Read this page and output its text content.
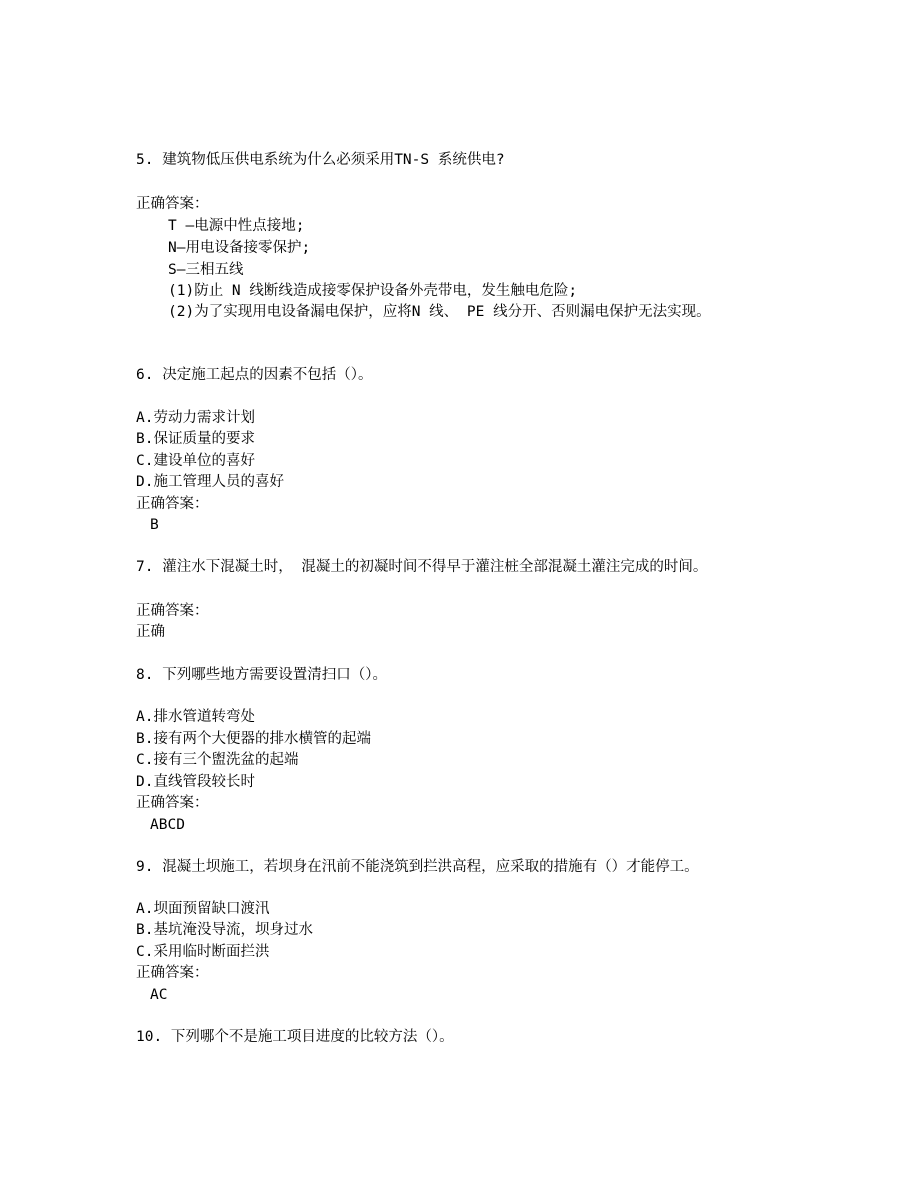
5. 建筑物低压供电系统为什么必须采用TN-S 系统供电?
正确答案：
T —电源中性点接地;
N—用电设备接零保护;
S—三相五线
(1)防止 N 线断线造成接零保护设备外壳带电，发生触电危险;
(2)为了实现用电设备漏电保护，应将N 线、 PE 线分开、否则漏电保护无法实现。
6. 决定施工起点的因素不包括（）。
A.劳动力需求计划
B.保证质量的要求
C.建设单位的喜好
D.施工管理人员的喜好
正确答案：
B
7. 灌注水下混凝土时， 混凝土的初凝时间不得早于灌注桩全部混凝土灌注完成的时间。
正确答案：
正确
8. 下列哪些地方需要设置清扫口（）。
A.排水管道转弯处
B.接有两个大便器的排水横管的起端
C.接有三个盥洗盆的起端
D.直线管段较长时
正确答案：
ABCD
9. 混凝土坝施工，若坝身在汛前不能浇筑到拦洪高程，应采取的措施有（）才能停工。
A.坝面预留缺口渡汛
B.基坑淹没导流，坝身过水
C.采用临时断面拦洪
正确答案：
AC
10. 下列哪个不是施工项目进度的比较方法（）。
